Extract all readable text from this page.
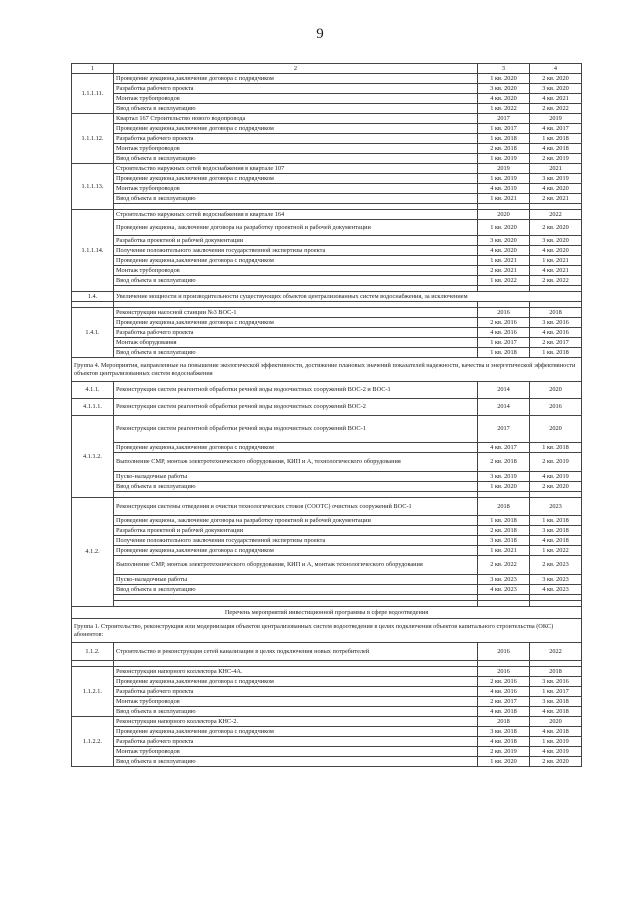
9
1	2	3	4	
1.1.1.11.	Проведение аукциона,заключение договора с подрядчиком	1 кв. 2020	2 кв. 2020	
	Разработка рабочего проекта	3 кв. 2020	3 кв. 2020	
	Монтаж трубопроводов	4 кв. 2020	4 кв. 2021	
	Ввод объекта в эксплуатацию	1 кв. 2022	2 кв. 2022	
1.1.1.12.	Квартал 167 Строительство нового водопровода	2017	2019	
	Проведение аукциона,заключение договора с подрядчиком	1 кв. 2017	4 кв. 2017	
	Разработка рабочего проекта	1 кв. 2018	1 кв. 2018	
	Монтаж трубопроводов	2 кв. 2018	4 кв. 2018	
	Ввод объекта в эксплуатацию	1 кв. 2019	2 кв. 2019	
1.1.1.13.	Строительство наружных сетей водоснабжения в квартале 107	2019	2021	
	Проведение аукциона,заключение договора с подрядчиком	1 кв. 2019	3 кв. 2019	
	Монтаж трубопроводов	4 кв. 2019	4 кв. 2020	
	Ввод объекта в эксплуатацию	1 кв. 2021	2 кв. 2021	

1.1.1.14.	Строительство наружных сетей водоснабжения в квартале 164	2020	2022	
	Проведение аукциона, заключение договора на разработку проектной и рабочей документации	1 кв. 2020	2 кв. 2020	
	Разработка проектной и рабочей документации	3 кв. 2020	3 кв. 2020	
	Получение положительного заключения государственной экспертизы проекта	4 кв. 2020	4 кв. 2020	
	Проведение аукциона,заключение договора с подрядчиком	1 кв. 2021	1 кв. 2021	
	Монтаж трубопроводов	2 кв. 2021	4 кв. 2021	
	Ввод объекта в эксплуатацию	1 кв. 2022	2 кв. 2022	

1.4.	Увеличение мощности и производительности существующих объектов централизованных систем водоснабжения, за исключением			

1.4.1.	Реконструкция насосной станции №3 ВОС-1	2016	2018	
	Проведение аукциона,заключение договора с подрядчиком	2 кв. 2016	3 кв. 2016	
	Разработка рабочего проекта	4 кв. 2016	4 кв. 2016	
	Монтаж оборудования	1 кв. 2017	2 кв. 2017	
	Ввод объекта в эксплуатацию	1 кв. 2018	1 кв. 2018	
Группа 4. Мероприятия, направленные на повышение экологической эффективности, достижение плановых значений показателей надежности, качества и энергетической эффективности объектов централизованных систем водоснабжения				
4.1.1.	Реконструкция систем реагентной обработки речной воды водоочистных сооружений ВОС-2 и ВОС-1	2014	2020	
4.1.1.1.	Реконструкция систем реагентной обработки речной воды водоочистных сооружений ВОС-2	2014	2016	
4.1.1.2.	Реконструкция систем реагентной обработки речной воды водоочистных сооружений ВОС-1	2017	2020	
	Проведение аукциона,заключение договора с подрядчиком	4 кв. 2017	1 кв. 2018	
	Выполнение СМР, монтаж электротехнического оборудования, КИП и А, технологического оборудования	2 кв. 2018	2 кв. 2019	
	Пуско-наладочные работы	3 кв. 2019	4 кв. 2019	
	Ввод объекта в эксплуатацию	1 кв. 2020	2 кв. 2020	

4.1.2.	Реконструкция системы отведения и очистки технологических стоков (СООТС) очистных сооружений ВОС-1	2018	2023	
	Проведение аукциона, заключение договора на разработку проектной и рабочей документации	1 кв. 2018	1 кв. 2018	
	Разработка проектной и рабочей документации	2 кв. 2018	3 кв. 2018	
	Получение положительного заключения государственной экспертизы проекта	3 кв. 2018	4 кв. 2018	
	Проведение аукциона,заключение договора с подрядчиком	1 кв. 2021	1 кв. 2022	
	Выполнение СМР, монтаж электротехнического оборудования, КИП и А, монтаж технологического оборудования	2 кв. 2022	2 кв. 2023	
	Пуско-наладочные работы	3 кв. 2023	3 кв. 2023	
	Ввод объекта в эксплуатацию	4 кв. 2023	4 кв. 2023	

Перечень мероприятий инвестиционной программы в сфере водоотведения				
Группа 1. Строительство, реконструкция или модернизация объектов централизованных систем водоотведения в целях подключения объектов капитального строительства (ОКС) абонентов:				
1.1.2.	Строительство и реконструкция сетей канализации в целях подключения новых потребителей	2016	2022	

1.1.2.1.	Реконструкция напорного коллектора КНС-4А.	2016	2018	
	Проведение аукциона,заключение договора с подрядчиком	2 кв. 2016	3 кв. 2016	
	Разработка рабочего проекта	4 кв. 2016	1 кв. 2017	
	Монтаж трубопроводов	2 кв. 2017	3 кв. 2018	
	Ввод объекта в эксплуатацию	4 кв. 2018	4 кв. 2018	
1.1.2.2.	Реконструкция напорного коллектора КНС-2.	2018	2020	
	Проведение аукциона,заключение договора с подрядчиком	3 кв. 2018	4 кв. 2018	
	Разработка рабочего проекта	4 кв. 2018	1 кв. 2019	
	Монтаж трубопроводов	2 кв. 2019	4 кв. 2019	
	Ввод объекта в эксплуатацию	1 кв. 2020	2 кв. 2020	
